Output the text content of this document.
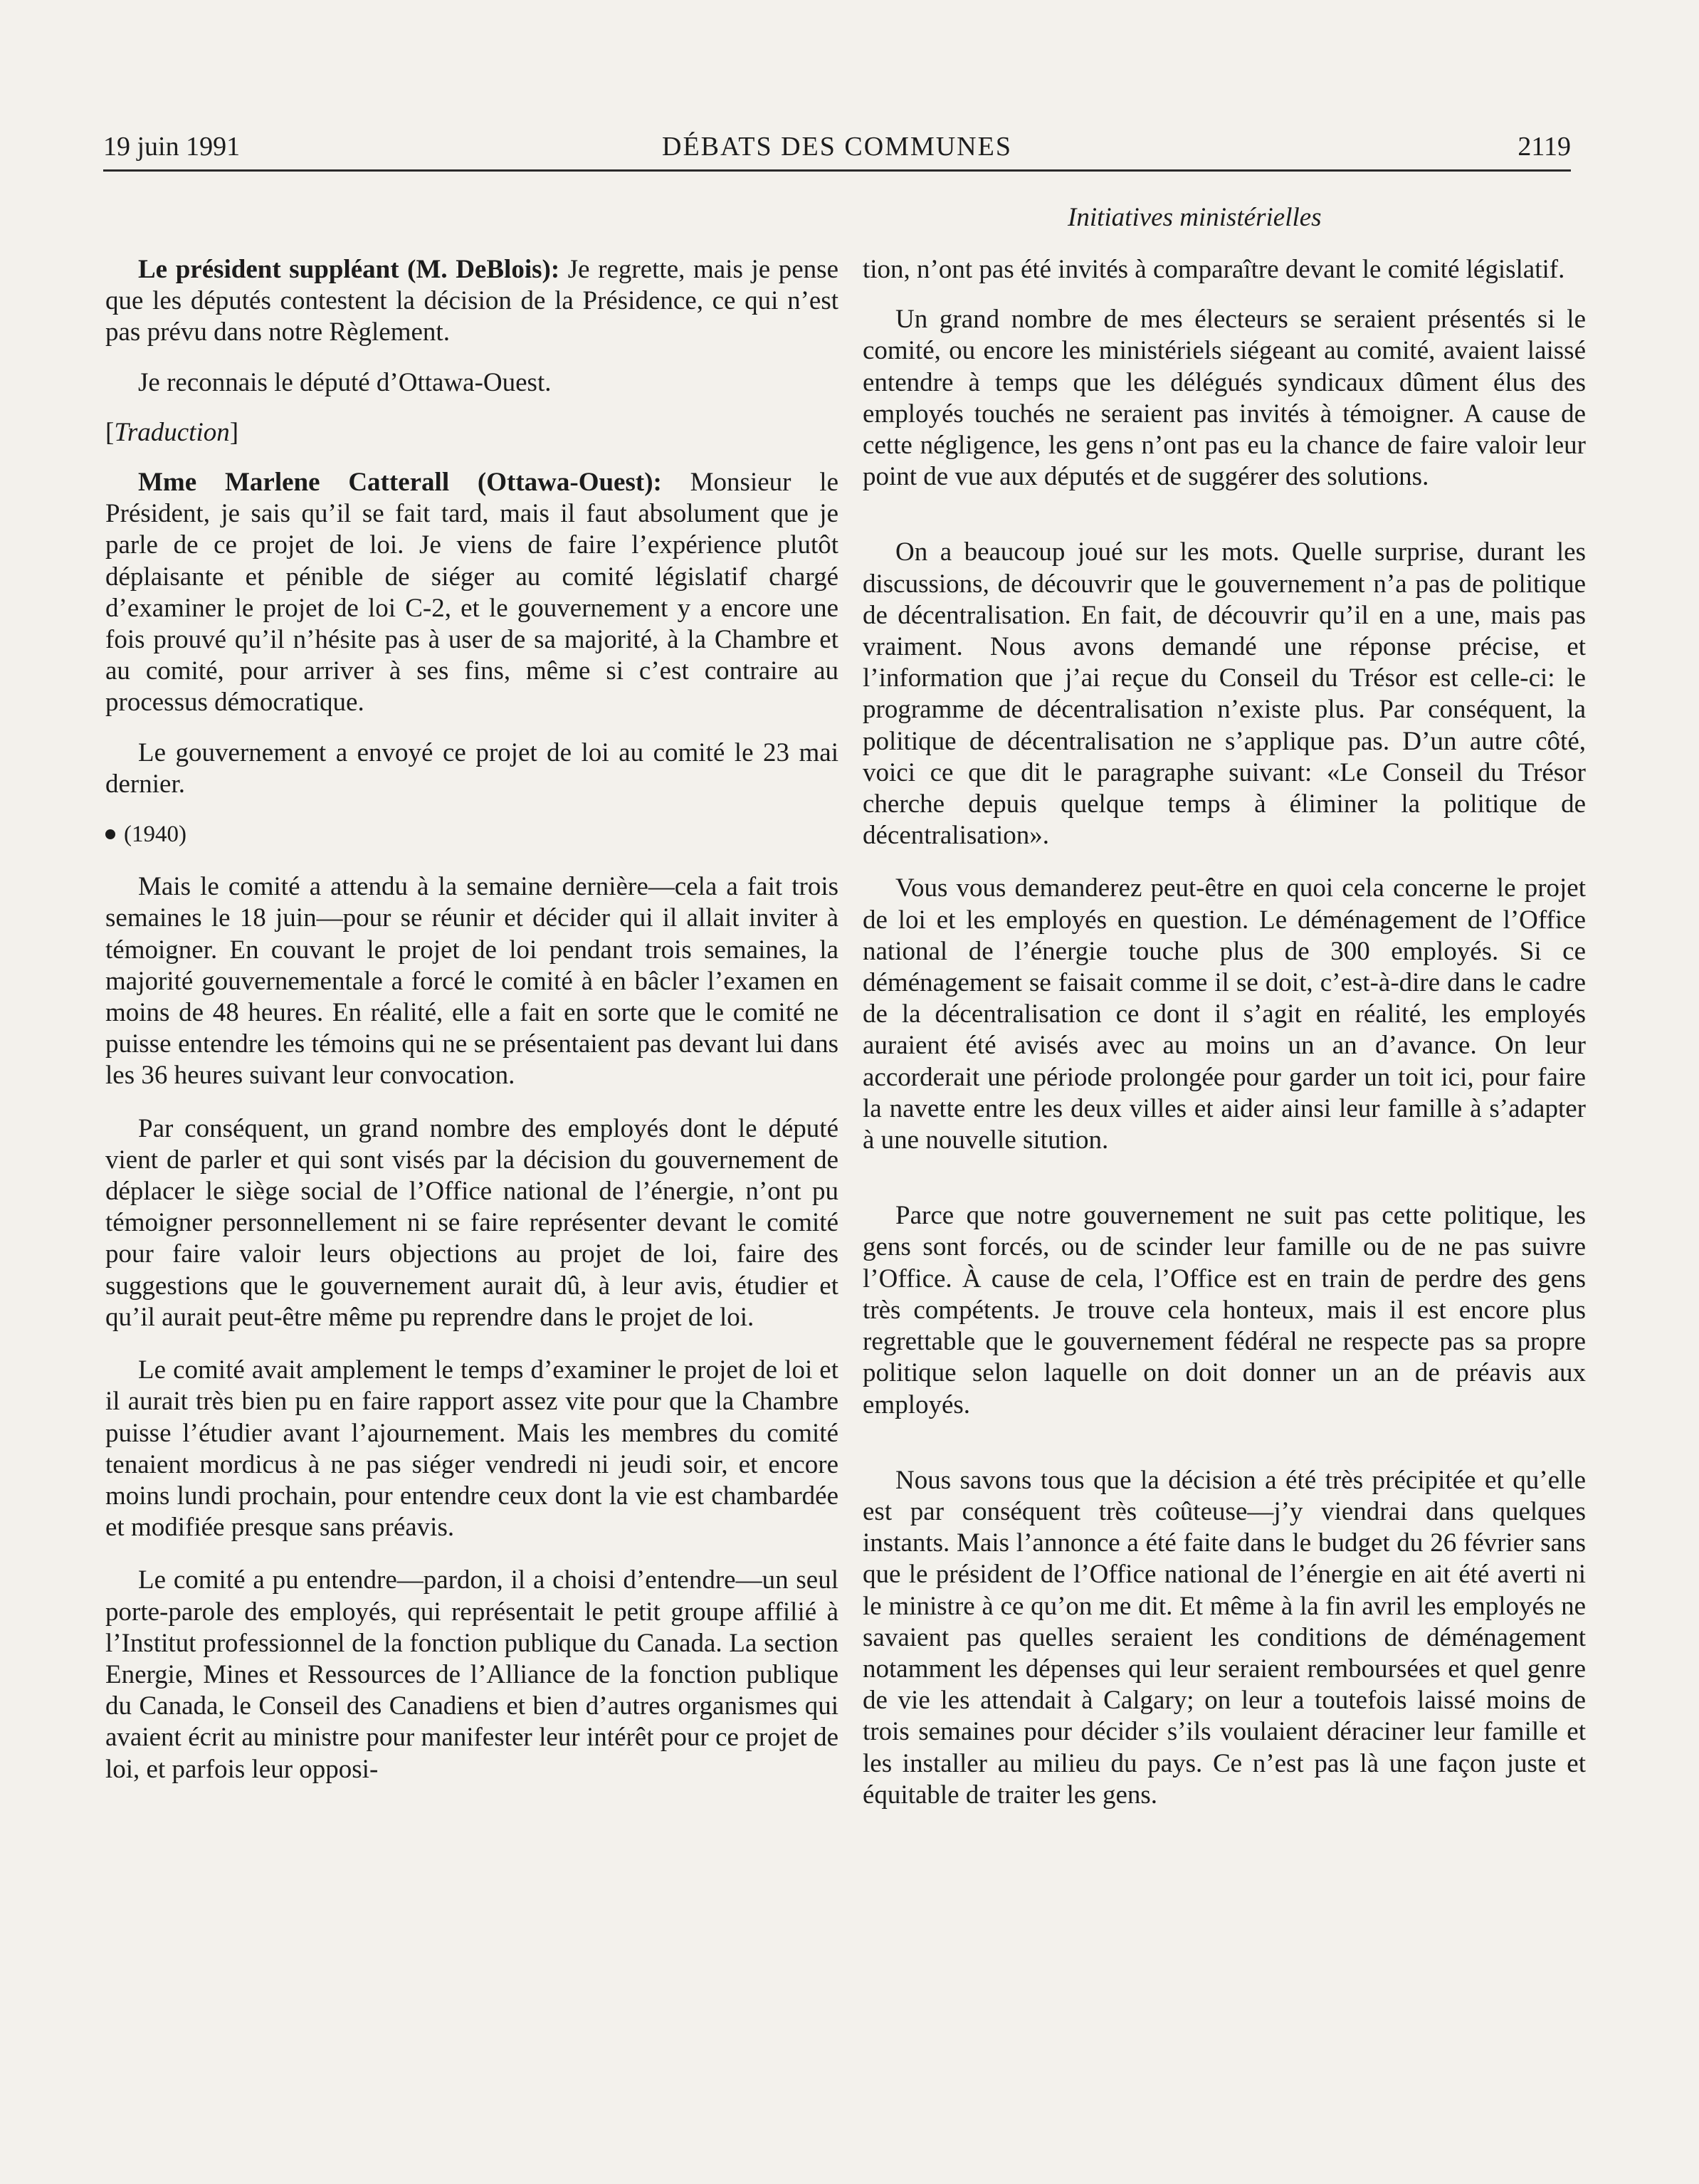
19 juin 1991	DÉBATS DES COMMUNES	2119
Initiatives ministérielles

Le président suppléant (M. DeBlois): Je regrette, mais je pense que les députés contestent la décision de la Présidence, ce qui n’est pas prévu dans notre Règlement.

Je reconnais le député d’Ottawa-Ouest.

[Traduction]

Mme Marlene Catterall (Ottawa-Ouest): Monsieur le Président, je sais qu’il se fait tard, mais il faut absolument que je parle de ce projet de loi. Je viens de faire l’expérience plutôt déplaisante et pénible de siéger au comité législatif chargé d’examiner le projet de loi C-2, et le gouvernement y a encore une fois prouvé qu’il n’hésite pas à user de sa majorité, à la Chambre et au comité, pour arriver à ses fins, même si c’est contraire au processus démocratique.

Le gouvernement a envoyé ce projet de loi au comité le 23 mai dernier.

(1940)

Mais le comité a attendu à la semaine dernière—cela a fait trois semaines le 18 juin—pour se réunir et décider qui il allait inviter à témoigner. En couvant le projet de loi pendant trois semaines, la majorité gouvernementale a forcé le comité à en bâcler l’examen en moins de 48 heures. En réalité, elle a fait en sorte que le comité ne puisse entendre les témoins qui ne se présentaient pas devant lui dans les 36 heures suivant leur convocation.

Par conséquent, un grand nombre des employés dont le député vient de parler et qui sont visés par la décision du gouvernement de déplacer le siège social de l’Office national de l’énergie, n’ont pu témoigner personnellement ni se faire représenter devant le comité pour faire valoir leurs objections au projet de loi, faire des suggestions que le gouvernement aurait dû, à leur avis, étudier et qu’il aurait peut-être même pu reprendre dans le projet de loi.

Le comité avait amplement le temps d’examiner le projet de loi et il aurait très bien pu en faire rapport assez vite pour que la Chambre puisse l’étudier avant l’ajournement. Mais les membres du comité tenaient mordicus à ne pas siéger vendredi ni jeudi soir, et encore moins lundi prochain, pour entendre ceux dont la vie est chambardée et modifiée presque sans préavis.

Le comité a pu entendre—pardon, il a choisi d’entendre—un seul porte-parole des employés, qui représentait le petit groupe affilié à l’Institut professionnel de la fonction publique du Canada. La section Energie, Mines et Ressources de l’Alliance de la fonction publique du Canada, le Conseil des Canadiens et bien d’autres organismes qui avaient écrit au ministre pour manifester leur intérêt pour ce projet de loi, et parfois leur opposi-

tion, n’ont pas été invités à comparaître devant le comité législatif.

Un grand nombre de mes électeurs se seraient présentés si le comité, ou encore les ministériels siégeant au comité, avaient laissé entendre à temps que les délégués syndicaux dûment élus des employés touchés ne seraient pas invités à témoigner. A cause de cette négligence, les gens n’ont pas eu la chance de faire valoir leur point de vue aux députés et de suggérer des solutions.

On a beaucoup joué sur les mots. Quelle surprise, durant les discussions, de découvrir que le gouvernement n’a pas de politique de décentralisation. En fait, de découvrir qu’il en a une, mais pas vraiment. Nous avons demandé une réponse précise, et l’information que j’ai reçue du Conseil du Trésor est celle-ci: le programme de décentralisation n’existe plus. Par conséquent, la politique de décentralisation ne s’applique pas. D’un autre côté, voici ce que dit le paragraphe suivant: «Le Conseil du Trésor cherche depuis quelque temps à éliminer la politique de décentralisation».

Vous vous demanderez peut-être en quoi cela concerne le projet de loi et les employés en question. Le déménagement de l’Office national de l’énergie touche plus de 300 employés. Si ce déménagement se faisait comme il se doit, c’est-à-dire dans le cadre de la décentralisation ce dont il s’agit en réalité, les employés auraient été avisés avec au moins un an d’avance. On leur accorderait une période prolongée pour garder un toit ici, pour faire la navette entre les deux villes et aider ainsi leur famille à s’adapter à une nouvelle sitution.

Parce que notre gouvernement ne suit pas cette politique, les gens sont forcés, ou de scinder leur famille ou de ne pas suivre l’Office. À cause de cela, l’Office est en train de perdre des gens très compétents. Je trouve cela honteux, mais il est encore plus regrettable que le gouvernement fédéral ne respecte pas sa propre politique selon laquelle on doit donner un an de préavis aux employés.

Nous savons tous que la décision a été très précipitée et qu’elle est par conséquent très coûteuse—j’y viendrai dans quelques instants. Mais l’annonce a été faite dans le budget du 26 février sans que le président de l’Office national de l’énergie en ait été averti ni le ministre à ce qu’on me dit. Et même à la fin avril les employés ne savaient pas quelles seraient les conditions de déménagement notamment les dépenses qui leur seraient remboursées et quel genre de vie les attendait à Calgary; on leur a toutefois laissé moins de trois semaines pour décider s’ils voulaient déraciner leur famille et les installer au milieu du pays. Ce n’est pas là une façon juste et équitable de traiter les gens.
